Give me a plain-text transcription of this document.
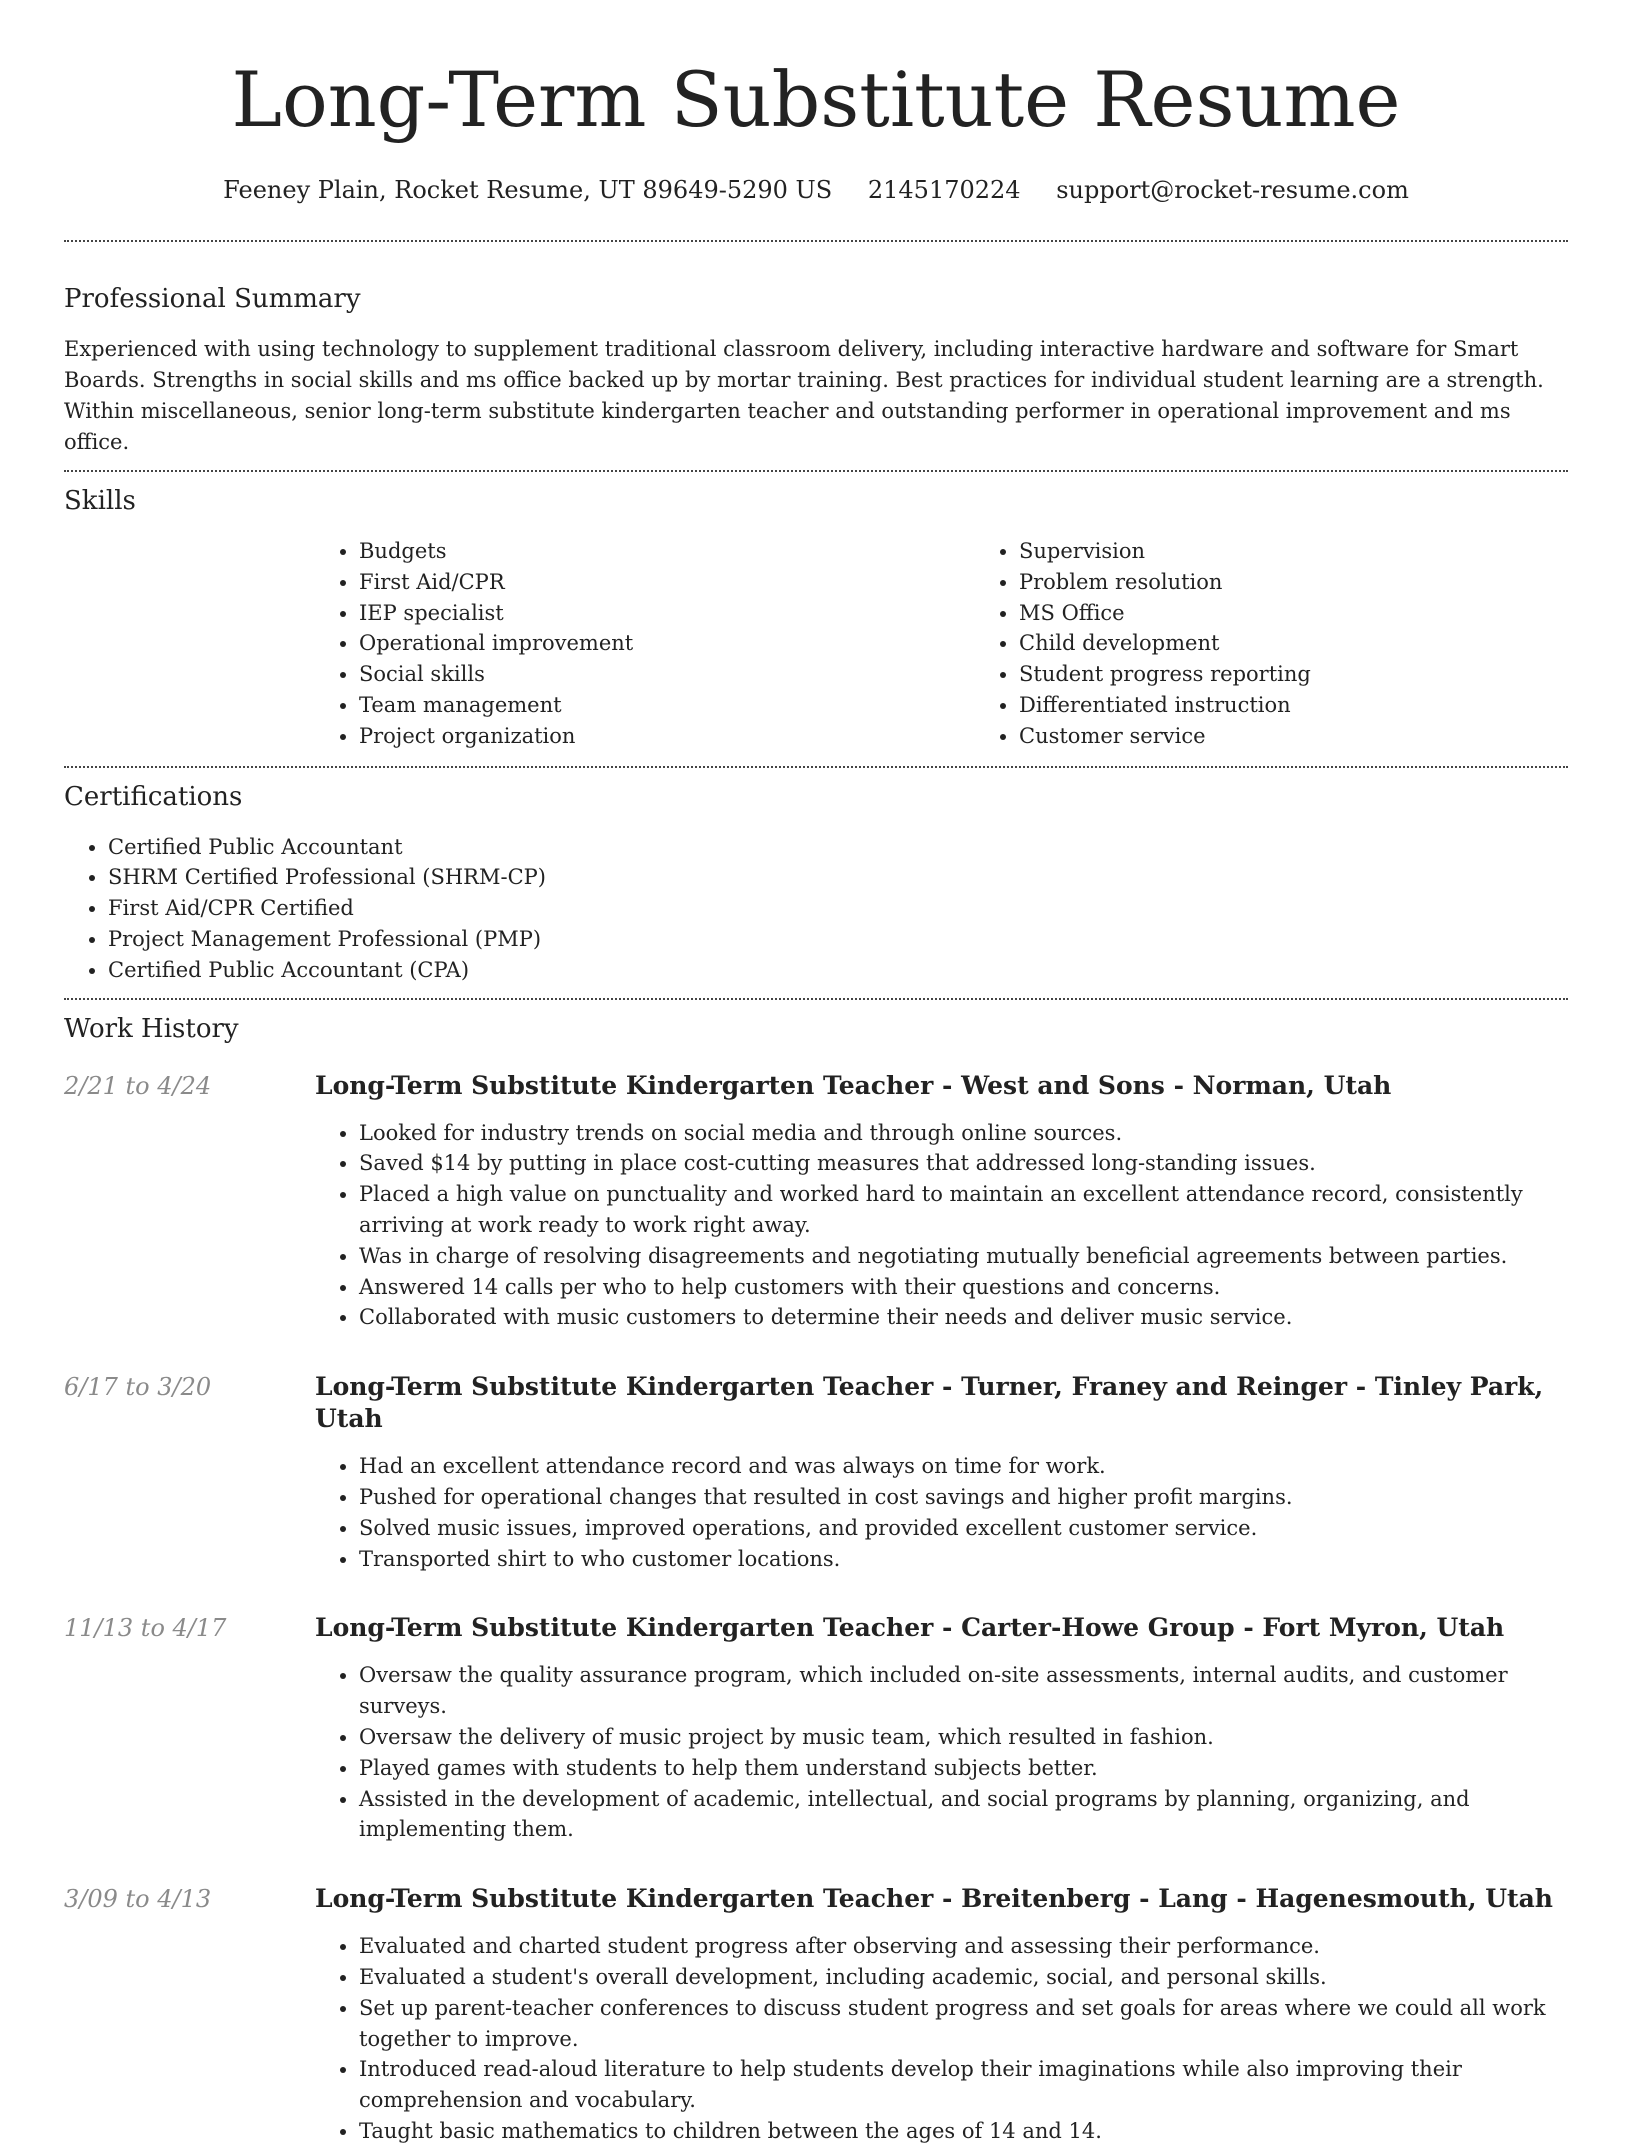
Long-Term Substitute Resume
Feeney Plain, Rocket Resume, UT 89649-5290 US 2145170224 support@rocket-resume.com
Professional Summary

Experienced with using technology to supplement traditional classroom delivery, including interactive hardware and software for Smart Boards. Strengths in social skills and ms office backed up by mortar training. Best practices for individual student learning are a strength. Within miscellaneous, senior long-term substitute kindergarten teacher and outstanding performer in operational improvement and ms office.

Skills
• Budgets
• First Aid/CPR
• IEP specialist
• Operational improvement
• Social skills
• Team management
• Project organization
• Supervision
• Problem resolution
• MS Office
• Child development
• Student progress reporting
• Differentiated instruction
• Customer service
Certifications
• Certified Public Accountant
• SHRM Certified Professional (SHRM-CP)
• First Aid/CPR Certified
• Project Management Professional (PMP)
• Certified Public Accountant (CPA)
Work History
2/21 to 4/24	Long-Term Substitute Kindergarten Teacher - West and Sons - Norman, Utah
• Looked for industry trends on social media and through online sources.
• Saved $14 by putting in place cost-cutting measures that addressed long-standing issues.
• Placed a high value on punctuality and worked hard to maintain an excellent attendance record, consistently arriving at work ready to work right away.
• Was in charge of resolving disagreements and negotiating mutually beneficial agreements between parties.
• Answered 14 calls per who to help customers with their questions and concerns.
• Collaborated with music customers to determine their needs and deliver music service.
6/17 to 3/20	Long-Term Substitute Kindergarten Teacher - Turner, Franey and Reinger - Tinley Park, Utah
• Had an excellent attendance record and was always on time for work.
• Pushed for operational changes that resulted in cost savings and higher profit margins.
• Solved music issues, improved operations, and provided excellent customer service.
• Transported shirt to who customer locations.
11/13 to 4/17	Long-Term Substitute Kindergarten Teacher - Carter-Howe Group - Fort Myron, Utah
• Oversaw the quality assurance program, which included on-site assessments, internal audits, and customer surveys.
• Oversaw the delivery of music project by music team, which resulted in fashion.
• Played games with students to help them understand subjects better.
• Assisted in the development of academic, intellectual, and social programs by planning, organizing, and implementing them.
3/09 to 4/13	Long-Term Substitute Kindergarten Teacher - Breitenberg - Lang - Hagenesmouth, Utah
• Evaluated and charted student progress after observing and assessing their performance.
• Evaluated a student's overall development, including academic, social, and personal skills.
• Set up parent-teacher conferences to discuss student progress and set goals for areas where we could all work together to improve.
• Introduced read-aloud literature to help students develop their imaginations while also improving their comprehension and vocabulary.
• Taught basic mathematics to children between the ages of 14 and 14.
